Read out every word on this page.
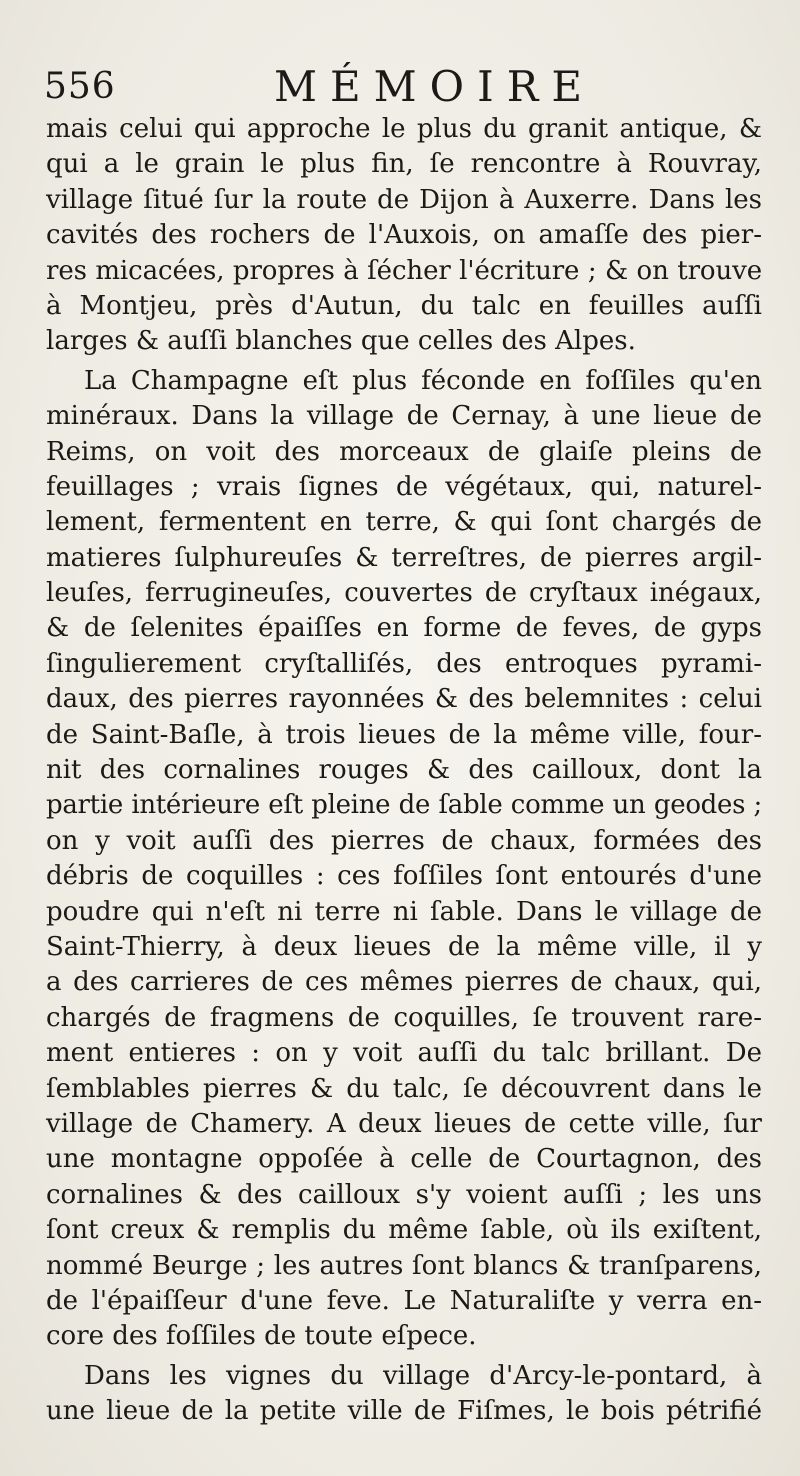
556	MÉMOIRE
mais celui qui approche le plus du granit antique, &
qui a le grain le plus fin, ſe rencontre à Rouvray,
village ſitué ſur la route de Dijon à Auxerre. Dans les
cavités des rochers de l'Auxois, on amaſſe des pier-
res micacées, propres à ſécher l'écriture ; & on trouve
à Montjeu, près d'Autun, du talc en feuilles auſſi
larges & auſſi blanches que celles des Alpes.
La Champagne eſt plus féconde en foſſiles qu'en
minéraux. Dans la village de Cernay, à une lieue de
Reims, on voit des morceaux de glaiſe pleins de
feuillages ; vrais ſignes de végétaux, qui, naturel-
lement, fermentent en terre, & qui ſont chargés de
matieres ſulphureuſes & terreſtres, de pierres argil-
leuſes, ferrugineuſes, couvertes de cryſtaux inégaux,
& de ſelenites épaiſſes en forme de feves, de gyps
ſingulierement cryſtalliſés, des entroques pyrami-
daux, des pierres rayonnées & des belemnites : celui
de Saint-Baſle, à trois lieues de la même ville, four-
nit des cornalines rouges & des cailloux, dont la
partie intérieure eſt pleine de ſable comme un geodes ;
on y voit auſſi des pierres de chaux, formées des
débris de coquilles : ces foſſiles ſont entourés d'une
poudre qui n'eſt ni terre ni ſable. Dans le village de
Saint-Thierry, à deux lieues de la même ville, il y
a des carrieres de ces mêmes pierres de chaux, qui,
chargés de fragmens de coquilles, ſe trouvent rare-
ment entieres : on y voit auſſi du talc brillant. De
ſemblables pierres & du talc, ſe découvrent dans le
village de Chamery. A deux lieues de cette ville, ſur
une montagne oppoſée à celle de Courtagnon, des
cornalines & des cailloux s'y voient auſſi ; les uns
ſont creux & remplis du même ſable, où ils exiſtent,
nommé Beurge ; les autres ſont blancs & tranſparens,
de l'épaiſſeur d'une feve. Le Naturaliſte y verra en-
core des foſſiles de toute eſpece.
Dans les vignes du village d'Arcy-le-pontard, à
une lieue de la petite ville de Fiſmes, le bois pétrifié
